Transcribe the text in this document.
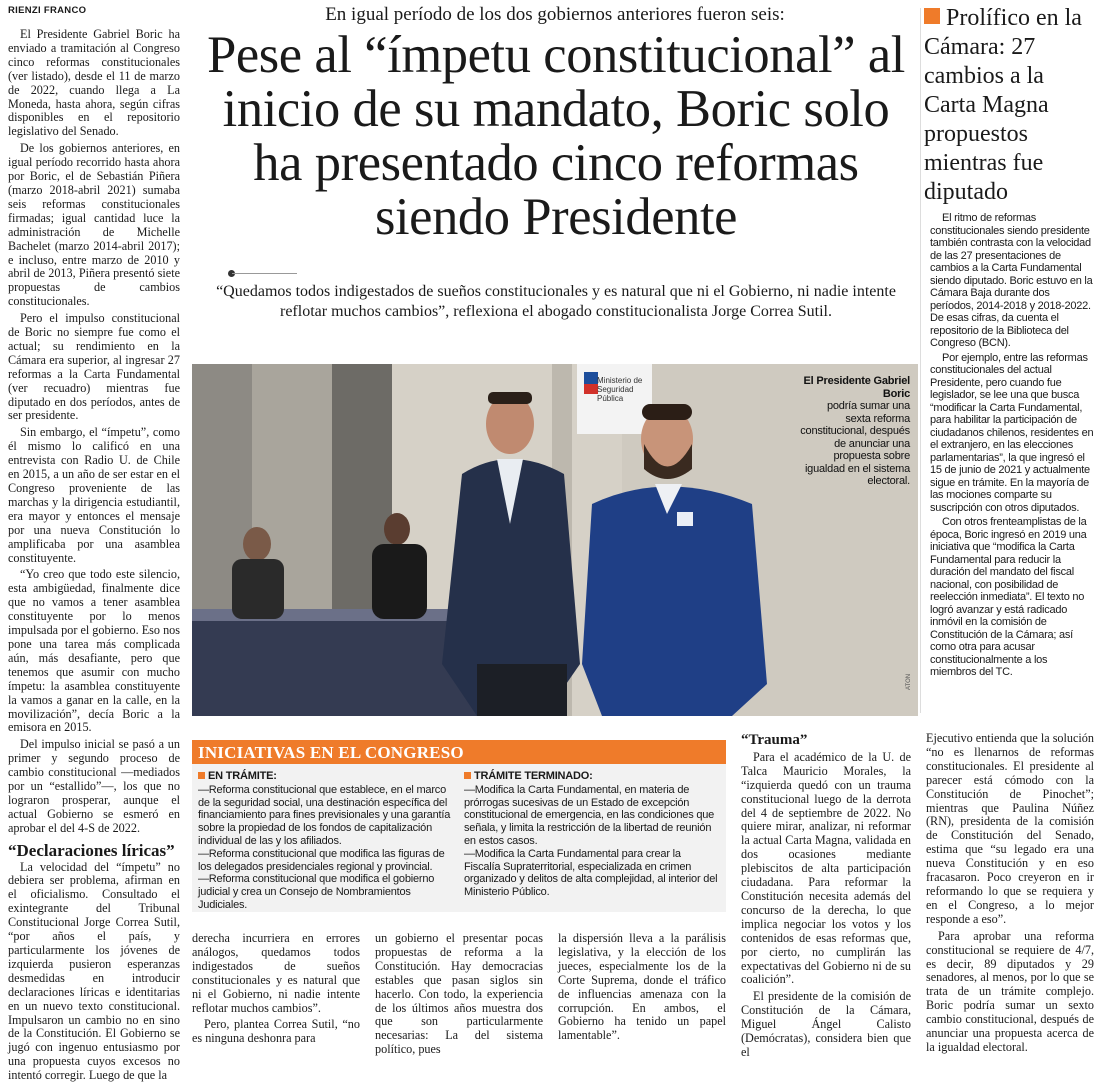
RIENZI FRANCO

El Presidente Gabriel Boric ha enviado a tramitación al Congreso cinco reformas constitucionales (ver listado), desde el 11 de marzo de 2022, cuando llega a La Moneda, hasta ahora, según cifras disponibles en el repositorio legislativo del Senado.

De los gobiernos anteriores, en igual período recorrido hasta ahora por Boric, el de Sebastián Piñera (marzo 2018-abril 2021) sumaba seis reformas constitucionales firmadas; igual cantidad luce la administración de Michelle Bachelet (marzo 2014-abril 2017); e incluso, entre marzo de 2010 y abril de 2013, Piñera presentó siete propuestas de cambios constitucionales.

Pero el impulso constitucional de Boric no siempre fue como el actual; su rendimiento en la Cámara era superior, al ingresar 27 reformas a la Carta Fundamental (ver recuadro) mientras fue diputado en dos períodos, antes de ser presidente.

Sin embargo, el “ímpetu”, como él mismo lo calificó en una entrevista con Radio U. de Chile en 2015, a un año de ser estar en el Congreso proveniente de las marchas y la dirigencia estudiantil, era mayor y entonces el mensaje por una nueva Constitución lo amplificaba por una asamblea constituyente.

“Yo creo que todo este silencio, esta ambigüedad, finalmente dice que no vamos a tener asamblea constituyente por lo menos impulsada por el gobierno. Eso nos pone una tarea más complicada aún, más desafiante, pero que tenemos que asumir con mucho ímpetu: la asamblea constituyente la vamos a ganar en la calle, en la movilización”, decía Boric a la emisora en 2015.

Del impulso inicial se pasó a un primer y segundo proceso de cambio constitucional —mediados por un “estallido”—, los que no lograron prosperar, aunque el actual Gobierno se esmeró en aprobar el del 4-S de 2022.

“Declaraciones líricas”

La velocidad del “ímpetu” no debiera ser problema, afirman en el oficialismo. Consultado el exintegrante del Tribunal Constitucional Jorge Correa Sutil, “por años el país, y particularmente los jóvenes de izquierda pusieron esperanzas desmedidas en introducir declaraciones líricas e identitarias en un nuevo texto constitucional. Impulsaron un cambio no en sino de la Constitución. El Gobierno se jugó con ingenuo entusiasmo por una propuesta cuyos excesos no intentó corregir. Luego de que la

En igual período de los dos gobiernos anteriores fueron seis:
Pese al “ímpetu constitucional” al inicio de su mandato, Boric solo ha presentado cinco reformas siendo Presidente
“Quedamos todos indigestados de sueños constitucionales y es natural que ni el Gobierno, ni nadie intente reflotar muchos cambios”, reflexiona el abogado constitucionalista Jorge Correa Sutil.
Ministerio de Seguridad Pública
El Presidente Gabriel Boric
podría sumar una sexta reforma constitucional, después de anunciar una propuesta sobre igualdad en el sistema electoral.
ATON
INICIATIVAS EN EL CONGRESO
EN TRÁMITE:
—Reforma constitucional que establece, en el marco de la seguridad social, una destinación específica del financiamiento para fines previsionales y una garantía sobre la propiedad de los fondos de capitalización individual de las y los afiliados.
—Reforma constitucional que modifica las figuras de los delegados presidenciales regional y provincial.
—Reforma constitucional que modifica el gobierno judicial y crea un Consejo de Nombramientos Judiciales.
TRÁMITE TERMINADO:
—Modifica la Carta Fundamental, en materia de prórrogas sucesivas de un Estado de excepción constitucional de emergencia, en las condiciones que señala, y limita la restricción de la libertad de reunión en estos casos.
—Modifica la Carta Fundamental para crear la Fiscalía Supraterritorial, especializada en crimen organizado y delitos de alta complejidad, al interior del Ministerio Público.

derecha incurriera en errores análogos, quedamos todos indigestados de sueños constitucionales y es natural que ni el Gobierno, ni nadie intente reflotar muchos cambios”.

Pero, plantea Correa Sutil, “no es ninguna deshonra para

un gobierno el presentar pocas propuestas de reforma a la Constitución. Hay democracias estables que pasan siglos sin hacerlo. Con todo, la experiencia de los últimos años muestra dos que son particularmente necesarias: La del sistema político, pues

la dispersión lleva a la parálisis legislativa, y la elección de los jueces, especialmente los de la Corte Suprema, donde el tráfico de influencias amenaza con la corrupción. En ambos, el Gobierno ha tenido un papel lamentable”.

“Trauma”

Para el académico de la U. de Talca Mauricio Morales, la “izquierda quedó con un trauma constitucional luego de la derrota del 4 de septiembre de 2022. No quiere mirar, analizar, ni reformar la actual Carta Magna, validada en dos ocasiones mediante plebiscitos de alta participación ciudadana. Para reformar la Constitución necesita además del concurso de la derecha, lo que implica negociar los votos y los contenidos de esas reformas que, por cierto, no cumplirán las expectativas del Gobierno ni de su coalición”.

El presidente de la comisión de Constitución de la Cámara, Miguel Ángel Calisto (Demócratas), considera bien que el

Ejecutivo entienda que la solución “no es llenarnos de reformas constitucionales. El presidente al parecer está cómodo con la Constitución de Pinochet”; mientras que Paulina Núñez (RN), presidenta de la comisión de Constitución del Senado, estima que “su legado era una nueva Constitución y en eso fracasaron. Poco creyeron en ir reformando lo que se requiera y en el Congreso, a lo mejor responde a eso”.

Para aprobar una reforma constitucional se requiere de 4/7, es decir, 89 diputados y 29 senadores, al menos, por lo que se trata de un trámite complejo. Boric podría sumar un sexto cambio constitucional, después de anunciar una propuesta acerca de la igualdad electoral.

Prolífico en la Cámara: 27 cambios a la Carta Magna propuestos mientras fue diputado

El ritmo de reformas constitucionales siendo presidente también contrasta con la velocidad de las 27 presentaciones de cambios a la Carta Fundamental siendo diputado. Boric estuvo en la Cámara Baja durante dos períodos, 2014-2018 y 2018-2022. De esas cifras, da cuenta el repositorio de la Biblioteca del Congreso (BCN).

Por ejemplo, entre las reformas constitucionales del actual Presidente, pero cuando fue legislador, se lee una que busca “modificar la Carta Fundamental, para habilitar la participación de ciudadanos chilenos, residentes en el extranjero, en las elecciones parlamentarias”, la que ingresó el 15 de junio de 2021 y actualmente sigue en trámite. En la mayoría de las mociones comparte su suscripción con otros diputados.

Con otros frenteamplistas de la época, Boric ingresó en 2019 una iniciativa que “modifica la Carta Fundamental para reducir la duración del mandato del fiscal nacional, con posibilidad de reelección inmediata”. El texto no logró avanzar y está radicado inmóvil en la comisión de Constitución de la Cámara; así como otra para acusar constitucionalmente a los miembros del TC.
